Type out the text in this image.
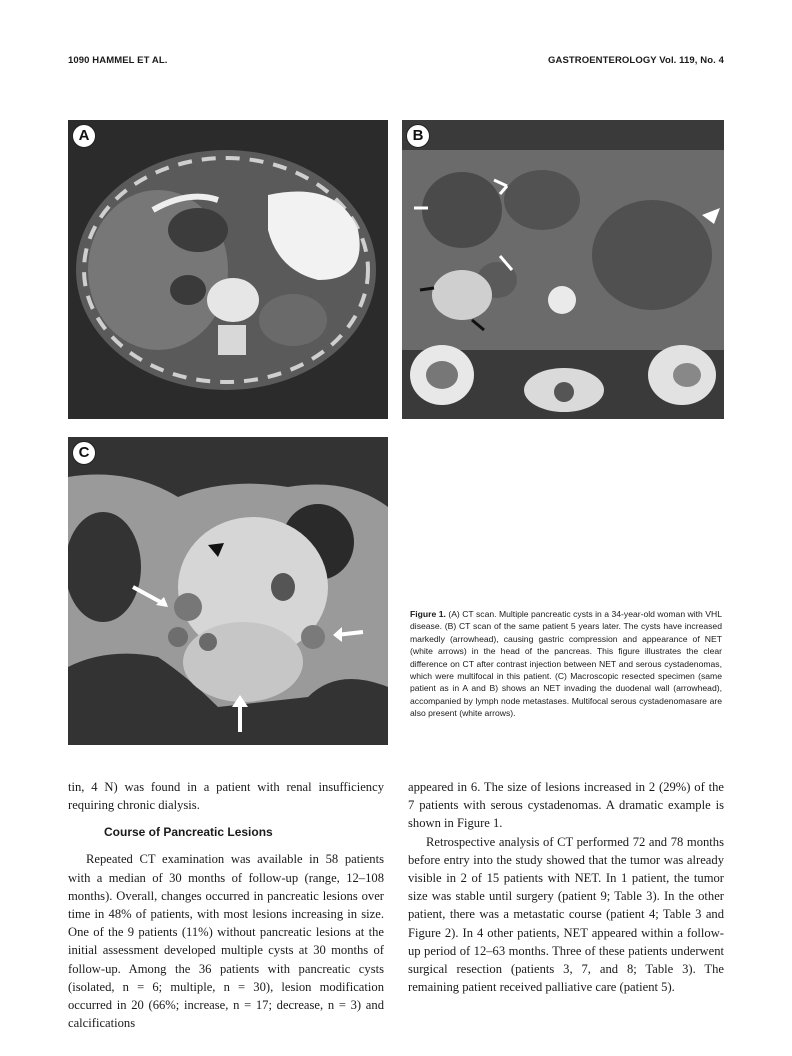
1090 HAMMEL ET AL.	GASTROENTEROLOGY Vol. 119, No. 4
A	B
C
Figure 1. (A) CT scan. Multiple pancreatic cysts in a 34-year-old woman with VHL disease. (B) CT scan of the same patient 5 years later. The cysts have increased markedly (arrowhead), causing gastric compression and appearance of NET (white arrows) in the head of the pancreas. This figure illustrates the clear difference on CT after contrast injection between NET and serous cystadenomas, which were multifocal in this patient. (C) Macroscopic resected specimen (same patient as in A and B) shows an NET invading the duodenal wall (arrowhead), accompanied by lymph node metastases. Multifocal serous cystadenomasare are also present (white arrows).

tin, 4 N) was found in a patient with renal insufficiency requiring chronic dialysis.

Course of Pancreatic Lesions

Repeated CT examination was available in 58 patients with a median of 30 months of follow-up (range, 12–108 months). Overall, changes occurred in pancreatic lesions over time in 48% of patients, with most lesions increasing in size. One of the 9 patients (11%) without pancreatic lesions at the initial assessment developed multiple cysts at 30 months of follow-up. Among the 36 patients with pancreatic cysts (isolated, n = 6; multiple, n = 30), lesion modification occurred in 20 (66%; increase, n = 17; decrease, n = 3) and calcifications

appeared in 6. The size of lesions increased in 2 (29%) of the 7 patients with serous cystadenomas. A dramatic example is shown in Figure 1.

Retrospective analysis of CT performed 72 and 78 months before entry into the study showed that the tumor was already visible in 2 of 15 patients with NET. In 1 patient, the tumor size was stable until surgery (patient 9; Table 3). In the other patient, there was a metastatic course (patient 4; Table 3 and Figure 2). In 4 other patients, NET appeared within a follow-up period of 12–63 months. Three of these patients underwent surgical resection (patients 3, 7, and 8; Table 3). The remaining patient received palliative care (patient 5).
